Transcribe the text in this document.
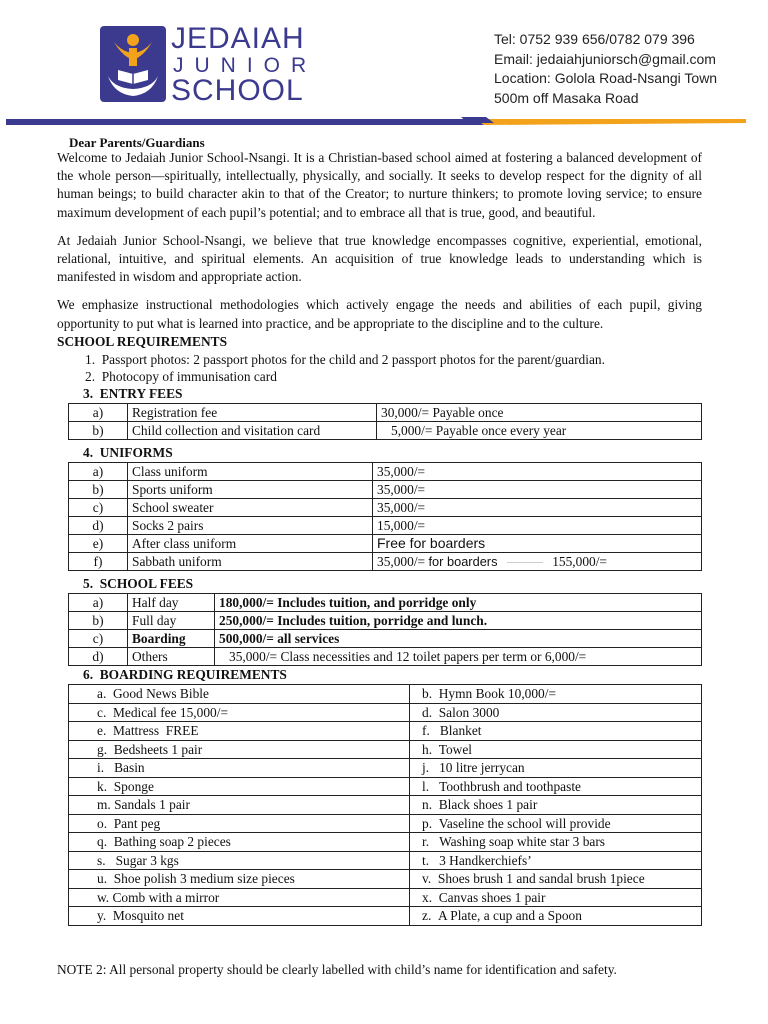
JEDAIAH
JUNIOR
SCHOOL
Tel: 0752 939 656/0782 079 396
Email: jedaiahjuniorsch@gmail.com
Location: Golola Road-Nsangi Town
500m off Masaka Road
Dear Parents/Guardians

Welcome to Jedaiah Junior School-Nsangi. It is a Christian-based school aimed at fostering a balanced development of the whole person—spiritually, intellectually, physically, and socially. It seeks to develop respect for the dignity of all human beings; to build character akin to that of the Creator; to nurture thinkers; to promote loving service; to ensure maximum development of each pupil’s potential; and to embrace all that is true, good, and beautiful.

At Jedaiah Junior School-Nsangi, we believe that true knowledge encompasses cognitive, experiential, emotional, relational, intuitive, and spiritual elements. An acquisition of true knowledge leads to understanding which is manifested in wisdom and appropriate action.

We emphasize instructional methodologies which actively engage the needs and abilities of each pupil, giving opportunity to put what is learned into practice, and be appropriate to the discipline and to the culture.

SCHOOL REQUIREMENTS
1.  Passport photos: 2 passport photos for the child and 2 passport photos for the parent/guardian.
2.  Photocopy of immunisation card
3.  ENTRY FEES
a)	Registration fee	30,000/= Payable once
b)	Child collection and visitation card	5,000/= Payable once every year
4.  UNIFORMS
a)	Class uniform	35,000/=
b)	Sports uniform	35,000/=
c)	School sweater	35,000/=
d)	Socks 2 pairs	15,000/=
e)	After class uniform	Free for boarders
f)	Sabbath uniform	35,000/= for boarders 155,000/=
5.  SCHOOL FEES
a)	Half day	180,000/= Includes tuition, and porridge only
b)	Full day	250,000/= Includes tuition, porridge and lunch.
c)	Boarding	500,000/= all services
d)	Others	35,000/= Class necessities and 12 toilet papers per term or 6,000/=
6.  BOARDING REQUIREMENTS
a.  Good News Bible	b.  Hymn Book 10,000/=
c.  Medical fee 15,000/=	d.  Salon 3000
e.  Mattress  FREE	f.   Blanket
g.  Bedsheets 1 pair	h.  Towel
i.   Basin	j.   10 litre jerrycan
k.  Sponge	l.   Toothbrush and toothpaste
m. Sandals 1 pair	n.  Black shoes 1 pair
o.  Pant peg	p.  Vaseline the school will provide
q.  Bathing soap 2 pieces	r.   Washing soap white star 3 bars
s.   Sugar 3 kgs	t.   3 Handkerchiefs’
u.  Shoe polish 3 medium size pieces	v.  Shoes brush 1 and sandal brush 1piece
w. Comb with a mirror	x.  Canvas shoes 1 pair
y.  Mosquito net	z.  A Plate, a cup and a Spoon
NOTE 2: All personal property should be clearly labelled with child’s name for identification and safety.
